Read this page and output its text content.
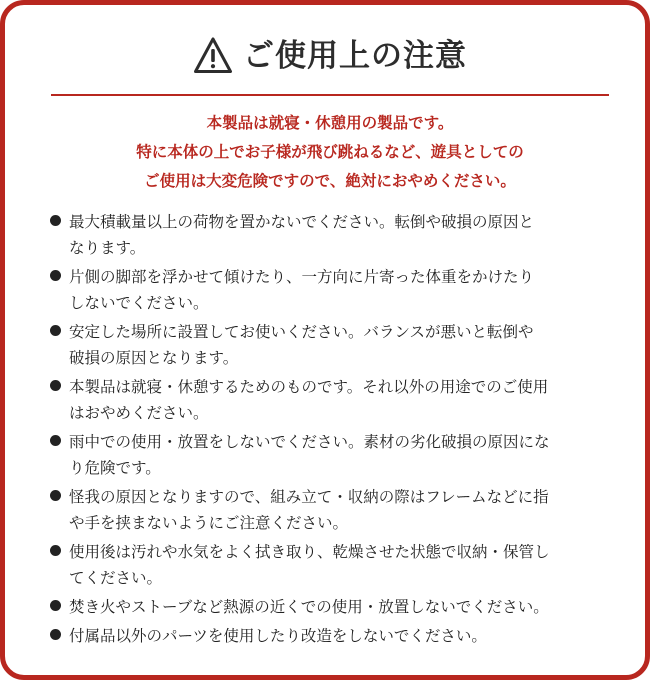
ご使用上の注意
本製品は就寝・休憩用の製品です。
特に本体の上でお子様が飛び跳ねるなど、遊具としての
ご使用は大変危険ですので、絶対におやめください。
最大積載量以上の荷物を置かないでください。転倒や破損の原因と
なります。
片側の脚部を浮かせて傾けたり、一方向に片寄った体重をかけたり
しないでください。
安定した場所に設置してお使いください。バランスが悪いと転倒や
破損の原因となります。
本製品は就寝・休憩するためのものです。それ以外の用途でのご使用
はおやめください。
雨中での使用・放置をしないでください。素材の劣化破損の原因にな
り危険です。
怪我の原因となりますので、組み立て・収納の際はフレームなどに指
や手を挟まないようにご注意ください。
使用後は汚れや水気をよく拭き取り、乾燥させた状態で収納・保管し
てください。
焚き火やストーブなど熱源の近くでの使用・放置しないでください。
付属品以外のパーツを使用したり改造をしないでください。
